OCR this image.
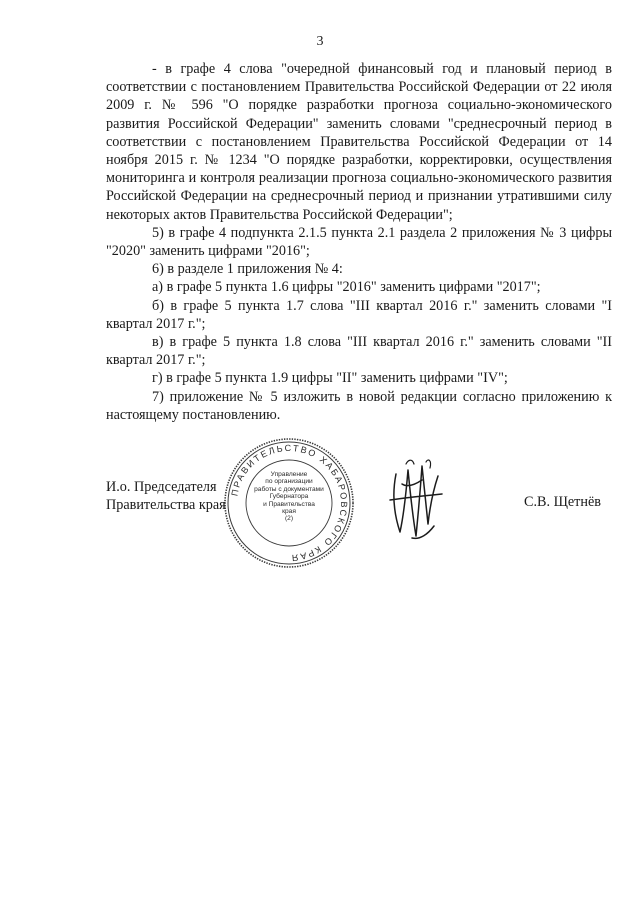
3

- в графе 4 слова "очередной финансовый год и плановый период в соответствии с постановлением Правительства Российской Федерации от 22 июля 2009 г. № 596 "О порядке разработки прогноза социально-экономического развития Российской Федерации" заменить словами "среднесрочный период в соответствии с постановлением Правительства Российской Федерации от 14 ноября 2015 г. № 1234 "О порядке разработки, корректировки, осуществления мониторинга и контроля реализации прогноза социально-экономического развития Российской Федерации на среднесрочный период и признании утратившими силу некоторых актов Правительства Российской Федерации";

5) в графе 4 подпункта 2.1.5 пункта 2.1 раздела 2 приложения № 3 цифры "2020" заменить цифрами "2016";

6) в разделе 1 приложения № 4:

а) в графе 5 пункта 1.6 цифры "2016" заменить цифрами "2017";

б) в графе 5 пункта 1.7 слова "III квартал 2016 г." заменить словами "I квартал 2017 г.";

в) в графе 5 пункта 1.8 слова "III квартал 2016 г." заменить словами "II квартал 2017 г.";

г) в графе 5 пункта 1.9 цифры "II" заменить цифрами "IV";

7) приложение № 5 изложить в новой редакции согласно приложению к настоящему постановлению.

И.о. Председателя
Правительства края
ПРАВИТЕЛЬСТВО ХАБАРОВСКОГО КРАЯ
Управление
по организации
работы с документами
Губернатора
и Правительства
края
(2)
С.В. Щетнёв
